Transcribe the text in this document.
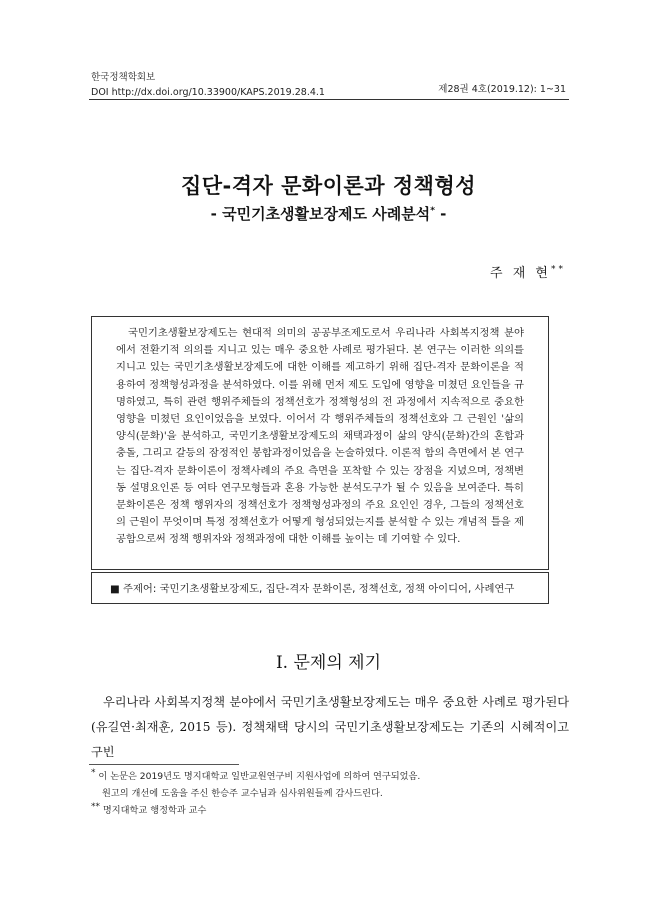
한국정책학회보
DOI http://dx.doi.org/10.33900/KAPS.2019.28.4.1	제28권 4호(2019.12): 1~31
집단-격자 문화이론과 정책형성
- 국민기초생활보장제도 사례분석* -
주 재 현**

국민기초생활보장제도는 현대적 의미의 공공부조제도로서 우리나라 사회복지정책 분야에서 전환기적 의의를 지니고 있는 매우 중요한 사례로 평가된다. 본 연구는 이러한 의의를 지니고 있는 국민기초생활보장제도에 대한 이해를 제고하기 위해 집단-격자 문화이론을 적용하여 정책형성과정을 분석하였다. 이를 위해 먼저 제도 도입에 영향을 미쳤던 요인들을 규명하였고, 특히 관련 행위주체들의 정책선호가 정책형성의 전 과정에서 지속적으로 중요한 영향을 미쳤던 요인이었음을 보였다. 이어서 각 행위주체들의 정책선호와 그 근원인 '삶의 양식(문화)'을 분석하고, 국민기초생활보장제도의 채택과정이 삶의 양식(문화)간의 혼합과 충돌, 그리고 갈등의 잠정적인 봉합과정이었음을 논술하였다. 이론적 함의 측면에서 본 연구는 집단-격자 문화이론이 정책사례의 주요 측면을 포착할 수 있는 장점을 지녔으며, 정책변동 설명요인론 등 여타 연구모형들과 혼용 가능한 분석도구가 될 수 있음을 보여준다. 특히 문화이론은 정책 행위자의 정책선호가 정책형성과정의 주요 요인인 경우, 그들의 정책선호의 근원이 무엇이며 특정 정책선호가 어떻게 형성되었는지를 분석할 수 있는 개념적 틀을 제공함으로써 정책 행위자와 정책과정에 대한 이해를 높이는 데 기여할 수 있다.

■ 주제어: 국민기초생활보장제도, 집단-격자 문화이론, 정책선호, 정책 아이디어, 사례연구
Ⅰ. 문제의 제기

우리나라 사회복지정책 분야에서 국민기초생활보장제도는 매우 중요한 사례로 평가된다(유길연·최재훈, 2015 등). 정책채택 당시의 국민기초생활보장제도는 기존의 시혜적이고 구빈

* 이 논문은 2019년도 명지대학교 일반교원연구비 지원사업에 의하여 연구되었음.

원고의 개선에 도움을 주신 한승주 교수님과 심사위원들께 감사드린다.

** 명지대학교 행정학과 교수
